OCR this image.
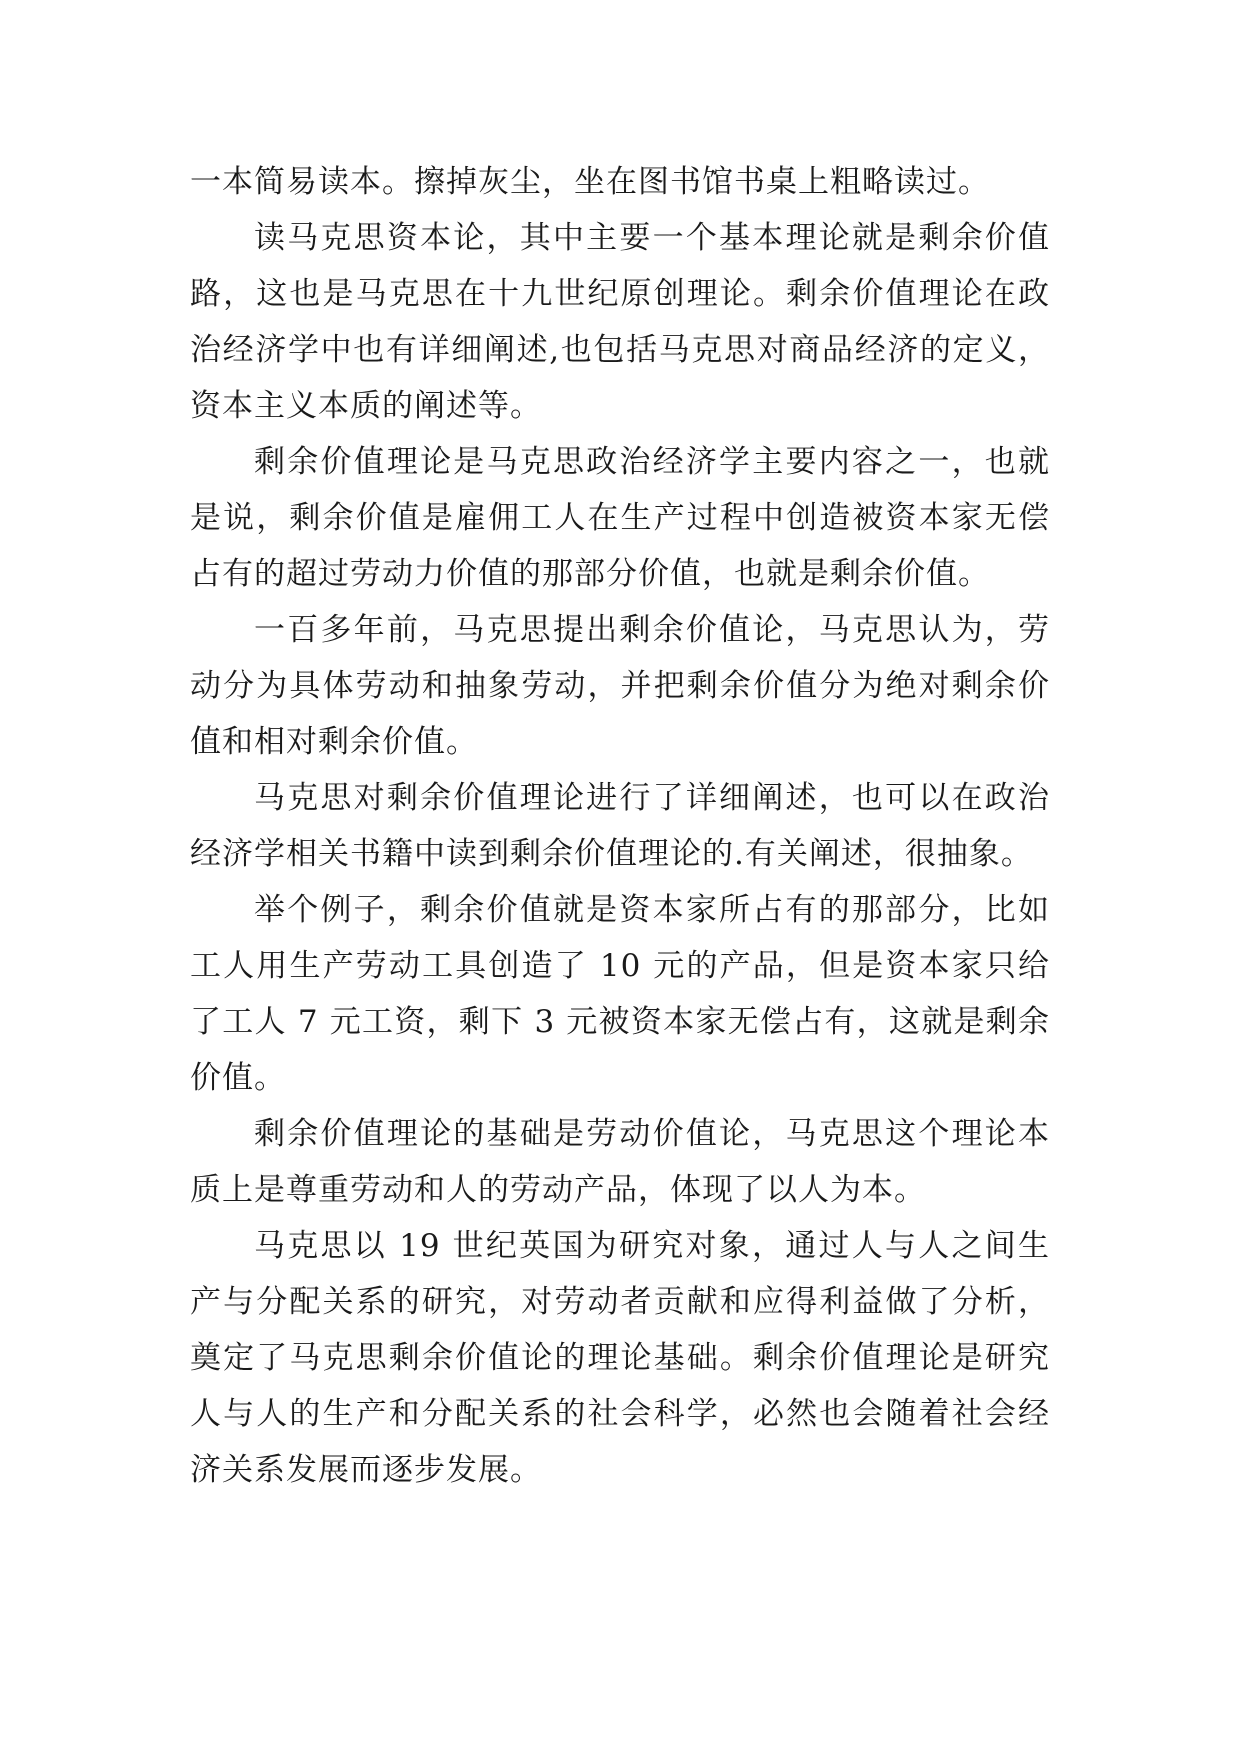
一本简易读本。擦掉灰尘，坐在图书馆书桌上粗略读过。

读马克思资本论，其中主要一个基本理论就是剩余价值路，这也是马克思在十九世纪原创理论。剩余价值理论在政治经济学中也有详细阐述,也包括马克思对商品经济的定义，资本主义本质的阐述等。

剩余价值理论是马克思政治经济学主要内容之一，也就是说，剩余价值是雇佣工人在生产过程中创造被资本家无偿占有的超过劳动力价值的那部分价值，也就是剩余价值。

一百多年前，马克思提出剩余价值论，马克思认为，劳动分为具体劳动和抽象劳动，并把剩余价值分为绝对剩余价值和相对剩余价值。

马克思对剩余价值理论进行了详细阐述，也可以在政治经济学相关书籍中读到剩余价值理论的.有关阐述，很抽象。

举个例子，剩余价值就是资本家所占有的那部分，比如工人用生产劳动工具创造了 10 元的产品，但是资本家只给了工人 7 元工资，剩下 3 元被资本家无偿占有，这就是剩余价值。

剩余价值理论的基础是劳动价值论，马克思这个理论本质上是尊重劳动和人的劳动产品，体现了以人为本。

马克思以 19 世纪英国为研究对象，通过人与人之间生产与分配关系的研究，对劳动者贡献和应得利益做了分析，奠定了马克思剩余价值论的理论基础。剩余价值理论是研究人与人的生产和分配关系的社会科学，必然也会随着社会经济关系发展而逐步发展。
